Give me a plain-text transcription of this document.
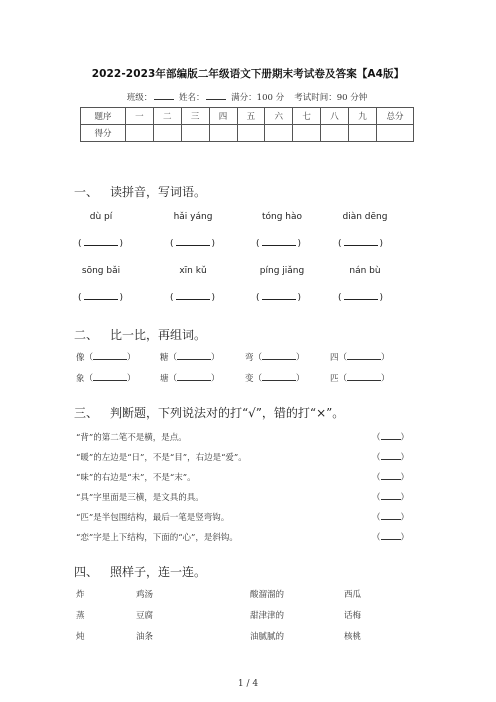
2022-2023年部编版二年级语文下册期末考试卷及答案【A4版】
班级：	姓名：	满分：100 分 考试时间：90 分钟
题序	一	二	三	四	五	六	七	八	九	总分
得分										
一、 读拼音，写词语。
dù pí	hǎi yáng	tóng hào	diàn dēng
(	)	(	)	(	)	(	)
sōng bǎi	xīn kǔ	píng jiǎng	nán bù
(	)	(	)	(	)	(	)
二、 比一比，再组词。
像（	）	糖（	）	弯（	）	四（	）
象（	）	塘（	）	变（	）	匹（	）
三、 判断题，下列说法对的打“√”，错的打“×”。
“背”的第二笔不是横，是点。	（ ）
“暖”的左边是“日”，不是“目”，右边是“爱”。	（ ）
“味”的右边是“未”，不是“末”。	（ ）
“具”字里面是三横，是文具的具。	（ ）
“匹”是半包围结构，最后一笔是竖弯钩。	（ ）
“恋”字是上下结构，下面的“心”，是斜钩。	（ ）
四、 照样子，连一连。
炸	鸡汤	酸溜溜的	西瓜
蒸	豆腐	甜津津的	话梅
炖	油条	油腻腻的	核桃
1 / 4
